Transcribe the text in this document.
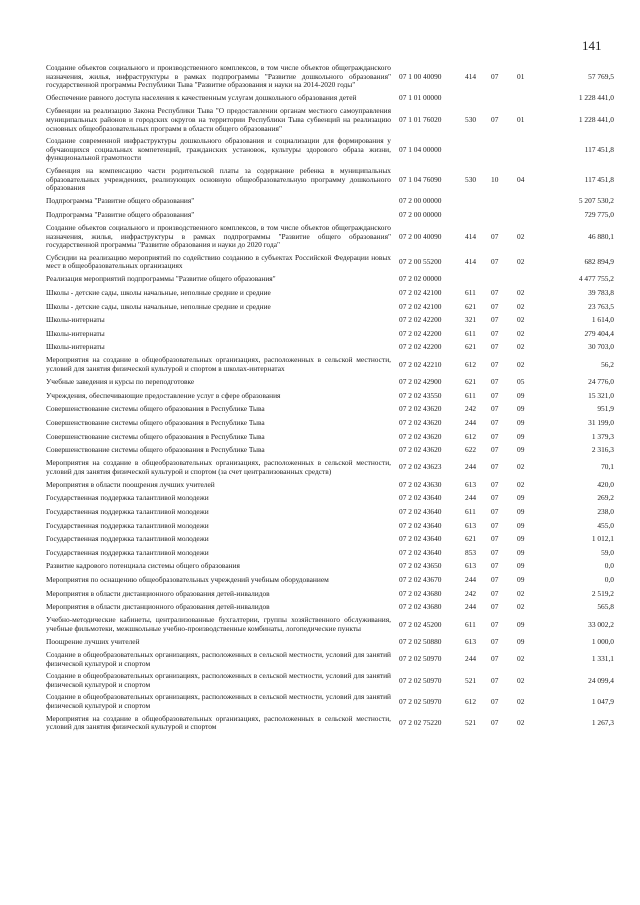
141
Создание объектов социального и производственного комплексов, в том числе объектов общегражданского назначения, жилья, инфраструктуры в рамках подпрограммы "Развитие дошкольного образования" государственной программы Республики Тыва "Развитие образования и науки на 2014-2020 годы"	07 1 00 40090	414	07	01	57 769,5
Обеспечение равного доступа населения к качественным услугам дошкольного образования детей	07 1 01 00000				1 228 441,0
Субвенции на реализацию Закона Республики Тыва "О предоставлении органам местного самоуправления муниципальных районов и городских округов на территории Республики Тыва субвенций на реализацию основных общеобразовательных программ в области общего образования"	07 1 01 76020	530	07	01	1 228 441,0
Создание современной инфраструктуры дошкольного образования и социализации для формирования у обучающихся социальных компетенций, гражданских установок, культуры здорового образа жизни, функциональной грамотности	07 1 04 00000				117 451,8
Субвенция на компенсацию части родительской платы за содержание ребенка в муниципальных образовательных учреждениях, реализующих основную общеобразовательную программу дошкольного образования	07 1 04 76090	530	10	04	117 451,8
Подпрограмма "Развитие общего образования"	07 2 00 00000				5 207 530,2
Подпрограмма "Развитие общего образования"	07 2 00 00000				729 775,0
Создание объектов социального и производственного комплексов, в том числе объектов общегражданского назначения, жилья, инфраструктуры в рамках подпрограммы "Развитие общего образования" государственной программы "Развитие образования и науки до 2020 года"	07 2 00 40090	414	07	02	46 880,1
Субсидии на реализацию мероприятий по содействию созданию в субъектах Российской Федерации новых мест в общеобразовательных организациях	07 2 00 55200	414	07	02	682 894,9
Реализация мероприятий подпрограммы "Развитие общего образования"	07 2 02 00000				4 477 755,2
Школы - детские сады, школы начальные, неполные средние и средние	07 2 02 42100	611	07	02	39 783,8
Школы - детские сады, школы начальные, неполные средние и средние	07 2 02 42100	621	07	02	23 763,5
Школы-интернаты	07 2 02 42200	321	07	02	1 614,0
Школы-интернаты	07 2 02 42200	611	07	02	279 404,4
Школы-интернаты	07 2 02 42200	621	07	02	30 703,0
Мероприятия на создание в общеобразовательных организациях, расположенных в сельской местности, условий для занятия физической культурой и спортом в школах-интернатах	07 2 02 42210	612	07	02	56,2
Учебные заведения и курсы по переподготовке	07 2 02 42900	621	07	05	24 776,0
Учреждения, обеспечивающие предоставление услуг в сфере образования	07 2 02 43550	611	07	09	15 321,0
Совершенствование системы общего образования в Республике Тыва	07 2 02 43620	242	07	09	951,9
Совершенствование системы общего образования в Республике Тыва	07 2 02 43620	244	07	09	31 199,0
Совершенствование системы общего образования в Республике Тыва	07 2 02 43620	612	07	09	1 379,3
Совершенствование системы общего образования в Республике Тыва	07 2 02 43620	622	07	09	2 316,3
Мероприятия на создание в общеобразовательных организациях, расположенных в сельской местности, условий для занятия физической культурой и спортом (за счет централизованных средств)	07 2 02 43623	244	07	02	70,1
Мероприятия в области поощрения лучших учителей	07 2 02 43630	613	07	02	420,0
Государственная поддержка талантливой молодежи	07 2 02 43640	244	07	09	269,2
Государственная поддержка талантливой молодежи	07 2 02 43640	611	07	09	238,0
Государственная поддержка талантливой молодежи	07 2 02 43640	613	07	09	455,0
Государственная поддержка талантливой молодежи	07 2 02 43640	621	07	09	1 012,1
Государственная поддержка талантливой молодежи	07 2 02 43640	853	07	09	59,0
Развитие кадрового потенциала системы общего образования	07 2 02 43650	613	07	09	0,0
Мероприятия по оснащению общеобразовательных учреждений учебным оборудованием	07 2 02 43670	244	07	09	0,0
Мероприятия в области дистанционного образования детей-инвалидов	07 2 02 43680	242	07	02	2 519,2
Мероприятия в области дистанционного образования детей-инвалидов	07 2 02 43680	244	07	02	565,8
Учебно-методические кабинеты, централизованные бухгалтерии, группы хозяйственного обслуживания, учебные фильмотеки, межшкольные учебно-производственные комбинаты, логопедические пункты	07 2 02 45200	611	07	09	33 002,2
Поощрение лучших учителей	07 2 02 50880	613	07	09	1 000,0
Создание в общеобразовательных организациях, расположенных в сельской местности, условий для занятий физической культурой и спортом	07 2 02 50970	244	07	02	1 331,1
Создание в общеобразовательных организациях, расположенных в сельской местности, условий для занятий физической культурой и спортом	07 2 02 50970	521	07	02	24 099,4
Создание в общеобразовательных организациях, расположенных в сельской местности, условий для занятий физической культурой и спортом	07 2 02 50970	612	07	02	1 047,9
Мероприятия на создание в общеобразовательных организациях, расположенных в сельской местности, условий для занятия физической культурой и спортом	07 2 02 75220	521	07	02	1 267,3
